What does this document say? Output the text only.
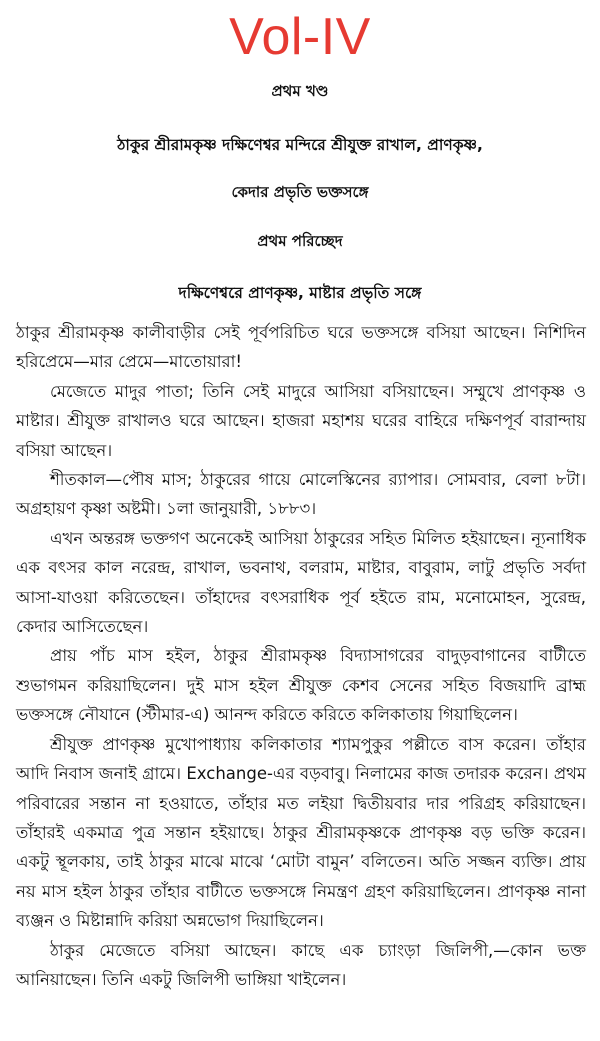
Vol-IV
প্রথম খণ্ড
ঠাকুর শ্রীরামকৃষ্ণ দক্ষিণেশ্বর মন্দিরে শ্রীযুক্ত রাখাল, প্রাণকৃষ্ণ,
কেদার প্রভৃতি ভক্তসঙ্গে
প্রথম পরিচ্ছেদ
দক্ষিণেশ্বরে প্রাণকৃষ্ণ, মাষ্টার প্রভৃতি সঙ্গে

ঠাকুর শ্রীরামকৃষ্ণ কালীবাড়ীর সেই পূর্বপরিচিত ঘরে ভক্তসঙ্গে বসিয়া আছেন। নিশিদিন হরিপ্রেমে—মার প্রেমে—মাতোয়ারা!

মেজেতে মাদুর পাতা; তিনি সেই মাদুরে আসিয়া বসিয়াছেন। সম্মুখে প্রাণকৃষ্ণ ও মাষ্টার। শ্রীযুক্ত রাখালও ঘরে আছেন। হাজরা মহাশয় ঘরের বাহিরে দক্ষিণপূর্ব বারান্দায় বসিয়া আছেন।

শীতকাল—পৌষ মাস; ঠাকুরের গায়ে মোলেস্কিনের র‍্যাপার। সোমবার, বেলা ৮টা। অগ্রহায়ণ কৃষ্ণা অষ্টমী। ১লা জানুয়ারী, ১৮৮৩।

এখন অন্তরঙ্গ ভক্তগণ অনেকেই আসিয়া ঠাকুরের সহিত মিলিত হইয়াছেন। ন্যূনাধিক এক বৎসর কাল নরেন্দ্র, রাখাল, ভবনাথ, বলরাম, মাষ্টার, বাবুরাম, লাটু প্রভৃতি সর্বদা আসা-যাওয়া করিতেছেন। তাঁহাদের বৎসরাধিক পূর্ব হইতে রাম, মনোমোহন, সুরেন্দ্র, কেদার আসিতেছেন।

প্রায় পাঁচ মাস হইল, ঠাকুর শ্রীরামকৃষ্ণ বিদ্যাসাগরের বাদুড়বাগানের বাটীতে শুভাগমন করিয়াছিলেন। দুই মাস হইল শ্রীযুক্ত কেশব সেনের সহিত বিজয়াদি ব্রাহ্ম ভক্তসঙ্গে নৌযানে (স্টীমার-এ) আনন্দ করিতে করিতে কলিকাতায় গিয়াছিলেন।

শ্রীযুক্ত প্রাণকৃষ্ণ মুখোপাধ্যায় কলিকাতার শ্যামপুকুর পল্লীতে বাস করেন। তাঁহার আদি নিবাস জনাই গ্রামে। Exchange-এর বড়বাবু। নিলামের কাজ তদারক করেন। প্রথম পরিবারের সন্তান না হওয়াতে, তাঁহার মত লইয়া দ্বিতীয়বার দার পরিগ্রহ করিয়াছেন। তাঁহারই একমাত্র পুত্র সন্তান হইয়াছে। ঠাকুর শ্রীরামকৃষ্ণকে প্রাণকৃষ্ণ বড় ভক্তি করেন। একটু স্থূলকায়, তাই ঠাকুর মাঝে মাঝে ‘মোটা বামুন’ বলিতেন। অতি সজ্জন ব্যক্তি। প্রায় নয় মাস হইল ঠাকুর তাঁহার বাটীতে ভক্তসঙ্গে নিমন্ত্রণ গ্রহণ করিয়াছিলেন। প্রাণকৃষ্ণ নানা ব্যঞ্জন ও মিষ্টান্নাদি করিয়া অন্নভোগ দিয়াছিলেন।

ঠাকুর মেজেতে বসিয়া আছেন। কাছে এক চ্যাংড়া জিলিপী,—কোন ভক্ত আনিয়াছেন। তিনি একটু জিলিপী ভাঙ্গিয়া খাইলেন।
